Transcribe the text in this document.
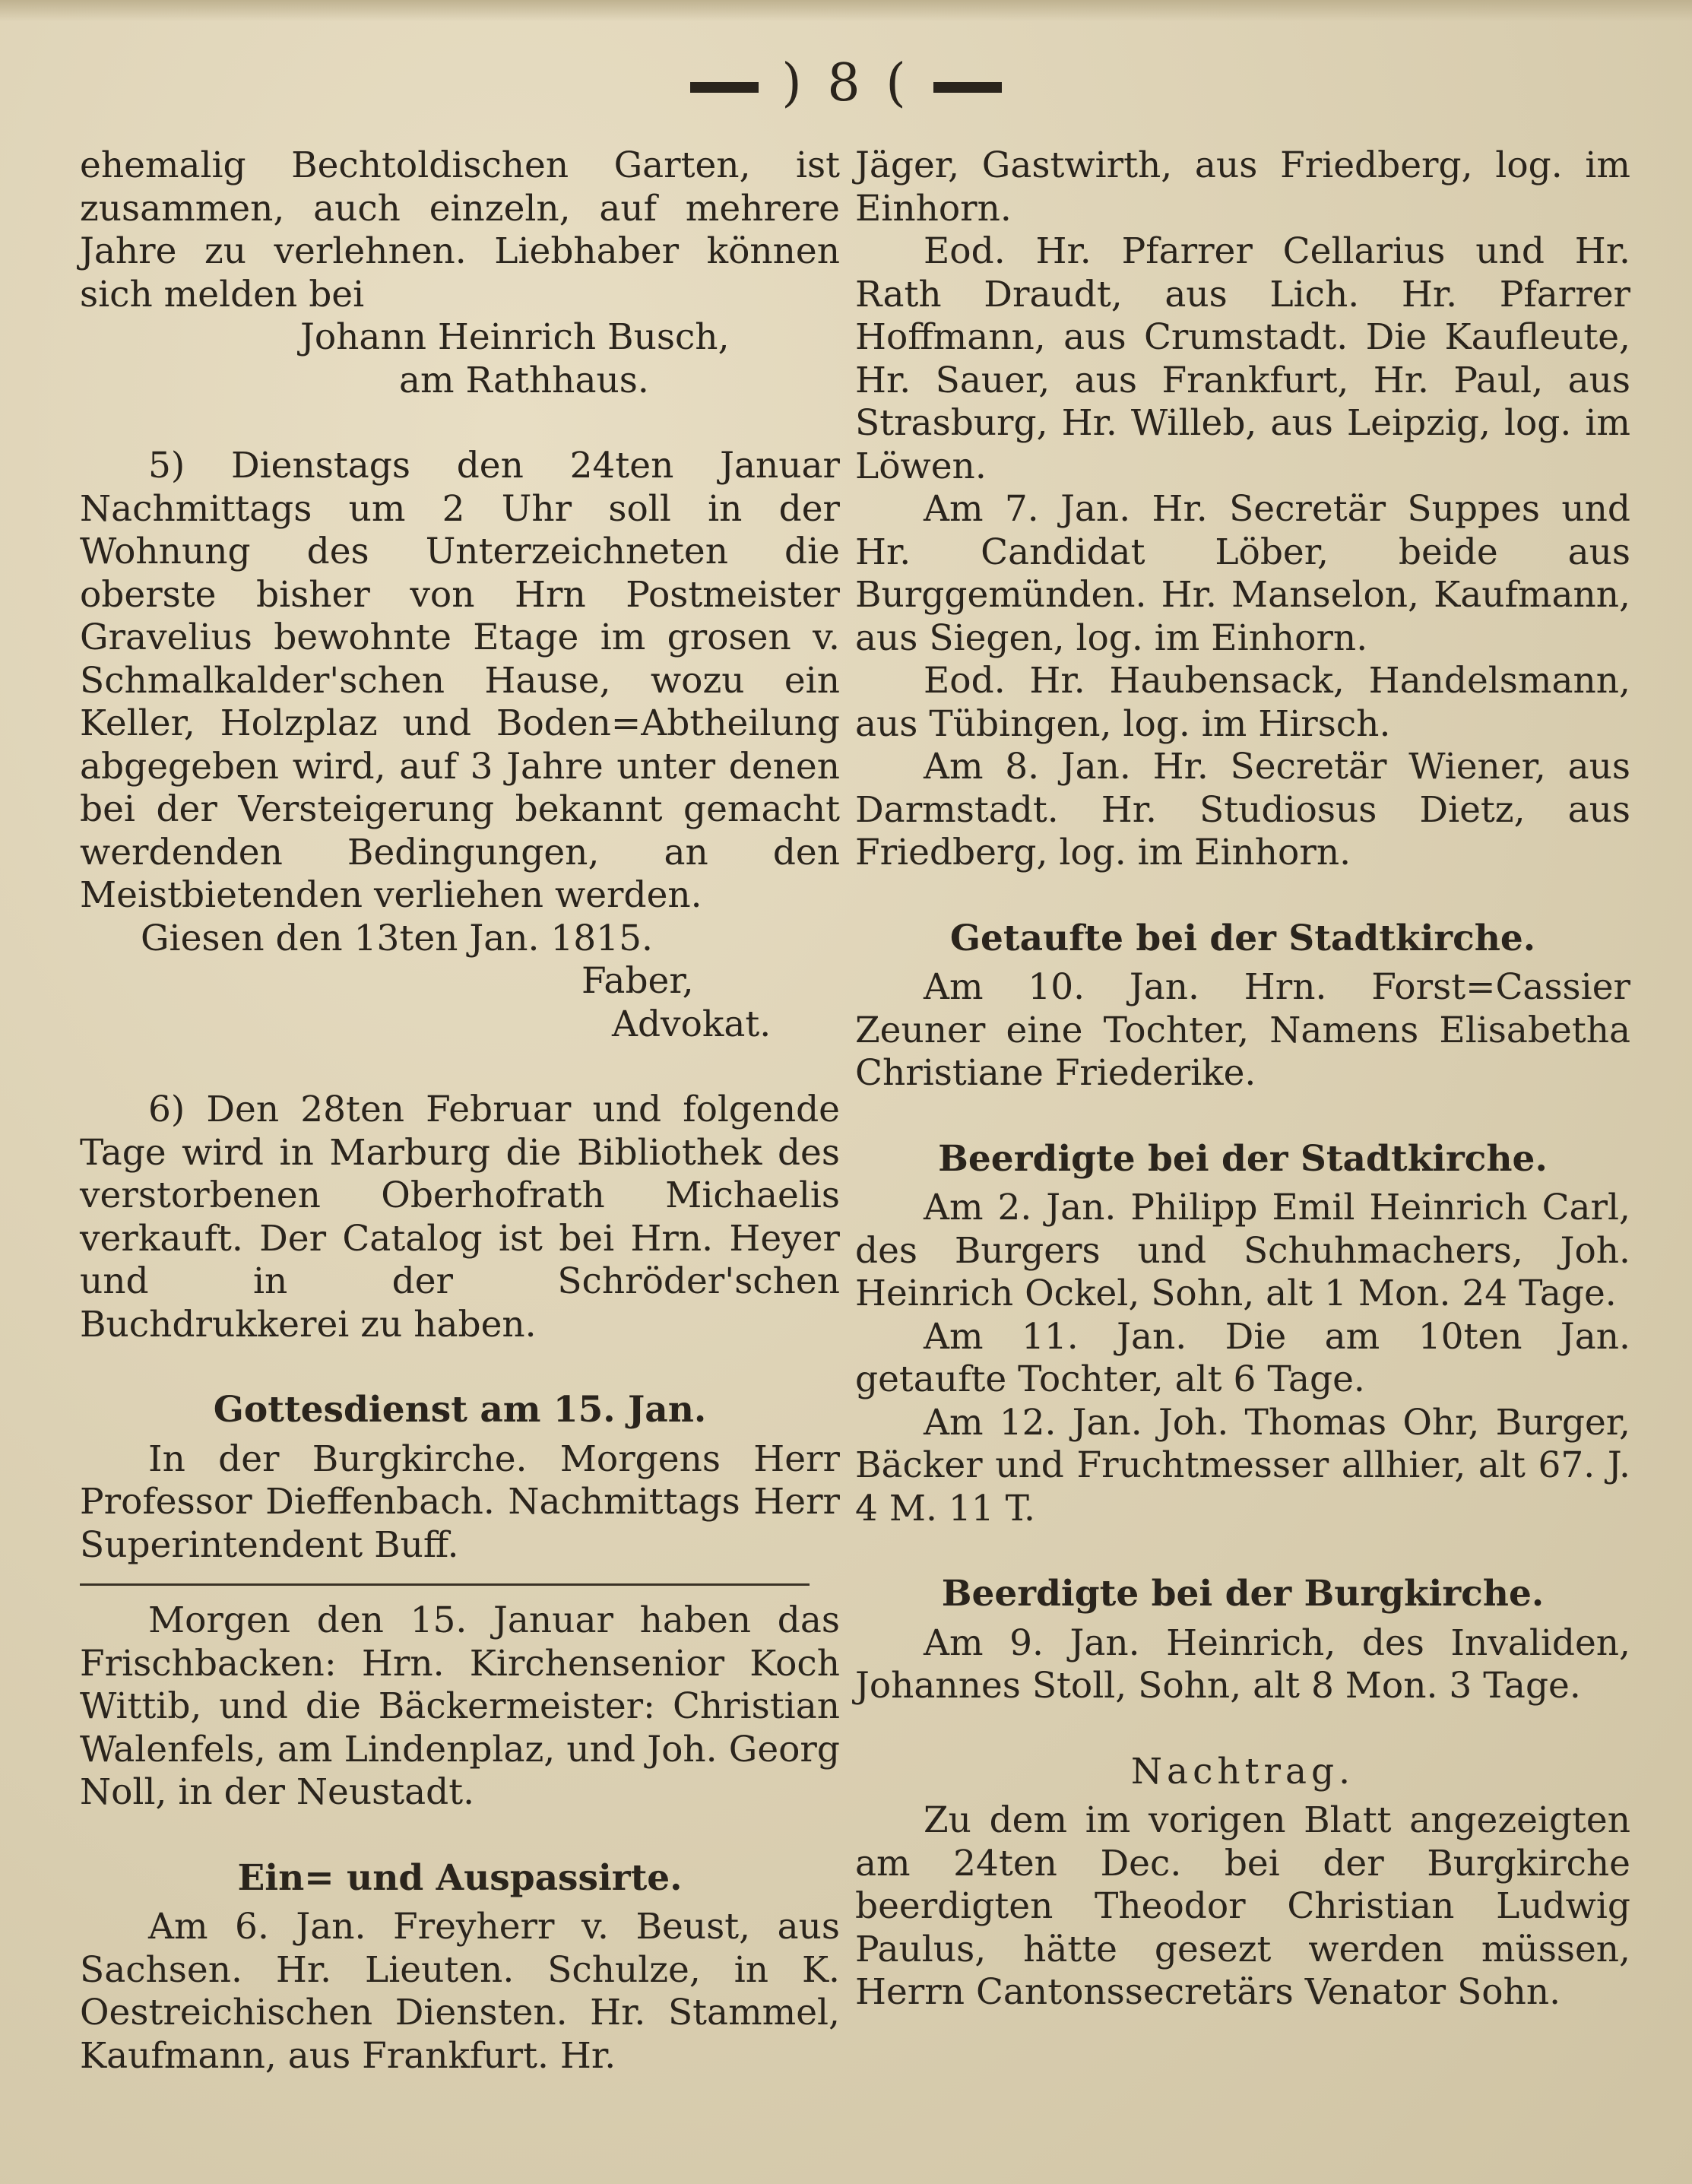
) 8 (

ehemalig Bechtoldischen Garten, ist zusammen, auch einzeln, auf mehrere Jahre zu verlehnen. Liebhaber können sich melden bei

Johann Heinrich Busch,

am Rathhaus.

5) Dienstags den 24ten Januar Nachmittags um 2 Uhr soll in der Wohnung des Unterzeichneten die oberste bisher von Hrn Postmeister Gravelius bewohnte Etage im grosen v. Schmalkalder'schen Hause, wozu ein Keller, Holzplaz und Boden=Abtheilung abgegeben wird, auf 3 Jahre unter denen bei der Versteigerung bekannt gemacht werdenden Bedingungen, an den Meistbietenden verliehen werden.

Giesen den 13ten Jan. 1815.

Faber,

Advokat.

6) Den 28ten Februar und folgende Tage wird in Marburg die Bibliothek des verstorbenen Oberhofrath Michaelis verkauft. Der Catalog ist bei Hrn. Heyer und in der Schröder'schen Buchdrukkerei zu haben.

Gottesdienst am 15. Jan.

In der Burgkirche. Morgens Herr Professor Dieffenbach. Nachmittags Herr Superintendent Buff.

Morgen den 15. Januar haben das Frischbacken: Hrn. Kirchensenior Koch Wittib, und die Bäckermeister: Christian Walenfels, am Lindenplaz, und Joh. Georg Noll, in der Neustadt.

Ein= und Auspassirte.

Am 6. Jan. Freyherr v. Beust, aus Sachsen. Hr. Lieuten. Schulze, in K. Oestreichischen Diensten. Hr. Stammel, Kaufmann, aus Frankfurt. Hr.

Jäger, Gastwirth, aus Friedberg, log. im Einhorn.

Eod. Hr. Pfarrer Cellarius und Hr. Rath Draudt, aus Lich. Hr. Pfarrer Hoffmann, aus Crumstadt. Die Kaufleute, Hr. Sauer, aus Frankfurt, Hr. Paul, aus Strasburg, Hr. Willeb, aus Leipzig, log. im Löwen.

Am 7. Jan. Hr. Secretär Suppes und Hr. Candidat Löber, beide aus Burggemünden. Hr. Manselon, Kaufmann, aus Siegen, log. im Einhorn.

Eod. Hr. Haubensack, Handelsmann, aus Tübingen, log. im Hirsch.

Am 8. Jan. Hr. Secretär Wiener, aus Darmstadt. Hr. Studiosus Dietz, aus Friedberg, log. im Einhorn.

Getaufte bei der Stadtkirche.

Am 10. Jan. Hrn. Forst=Cassier Zeuner eine Tochter, Namens Elisabetha Christiane Friederike.

Beerdigte bei der Stadtkirche.

Am 2. Jan. Philipp Emil Heinrich Carl, des Burgers und Schuhmachers, Joh. Heinrich Ockel, Sohn, alt 1 Mon. 24 Tage.

Am 11. Jan. Die am 10ten Jan. getaufte Tochter, alt 6 Tage.

Am 12. Jan. Joh. Thomas Ohr, Burger, Bäcker und Fruchtmesser allhier, alt 67. J. 4 M. 11 T.

Beerdigte bei der Burgkirche.

Am 9. Jan. Heinrich, des Invaliden, Johannes Stoll, Sohn, alt 8 Mon. 3 Tage.

Nachtrag.

Zu dem im vorigen Blatt angezeigten am 24ten Dec. bei der Burgkirche beerdigten Theodor Christian Ludwig Paulus, hätte gesezt werden müssen, Herrn Cantonssecretärs Venator Sohn.
